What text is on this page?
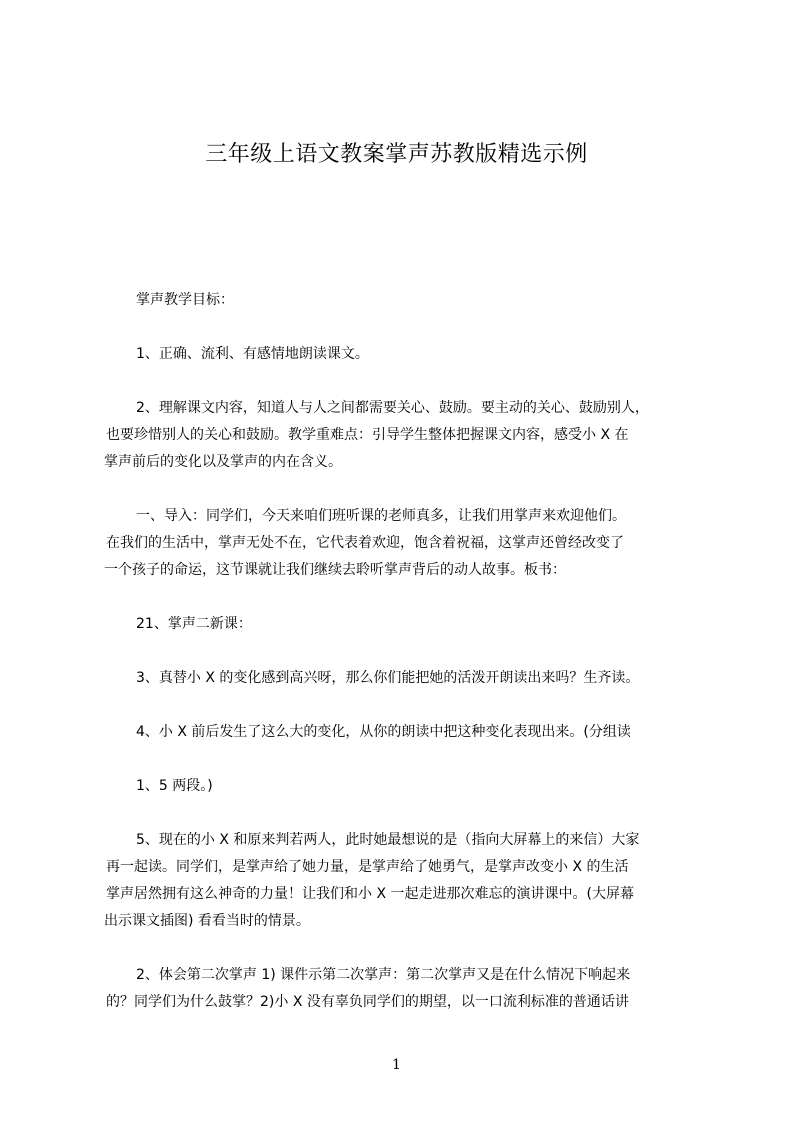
三年级上语文教案掌声苏教版精选示例
掌声教学目标：
1、正确、流利、有感情地朗读课文。
2、理解课文内容，知道人与人之间都需要关心、鼓励。要主动的关心、鼓励别人，
也要珍惜别人的关心和鼓励。教学重难点：引导学生整体把握课文内容，感受小 X 在
掌声前后的变化以及掌声的内在含义。
一、导入：同学们，今天来咱们班听课的老师真多，让我们用掌声来欢迎他们。
在我们的生活中，掌声无处不在，它代表着欢迎，饱含着祝福，这掌声还曾经改变了
一个孩子的命运，这节课就让我们继续去聆听掌声背后的动人故事。板书：
21、掌声二新课：
3、真替小 X 的变化感到高兴呀，那么你们能把她的活泼开朗读出来吗？生齐读。
4、小 X 前后发生了这么大的变化，从你的朗读中把这种变化表现出来。(分组读
1、5 两段。)
5、现在的小 X 和原来判若两人，此时她最想说的是（指向大屏幕上的来信）大家
再一起读。同学们，是掌声给了她力量，是掌声给了她勇气，是掌声改变小 X 的生活
掌声居然拥有这么神奇的力量！让我们和小 X 一起走进那次难忘的演讲课中。(大屏幕
出示课文插图) 看看当时的情景。
2、体会第二次掌声 1) 课件示第二次掌声：第二次掌声又是在什么情况下响起来
的？同学们为什么鼓掌？2)小 X 没有辜负同学们的期望，以一口流利标准的普通话讲
1
